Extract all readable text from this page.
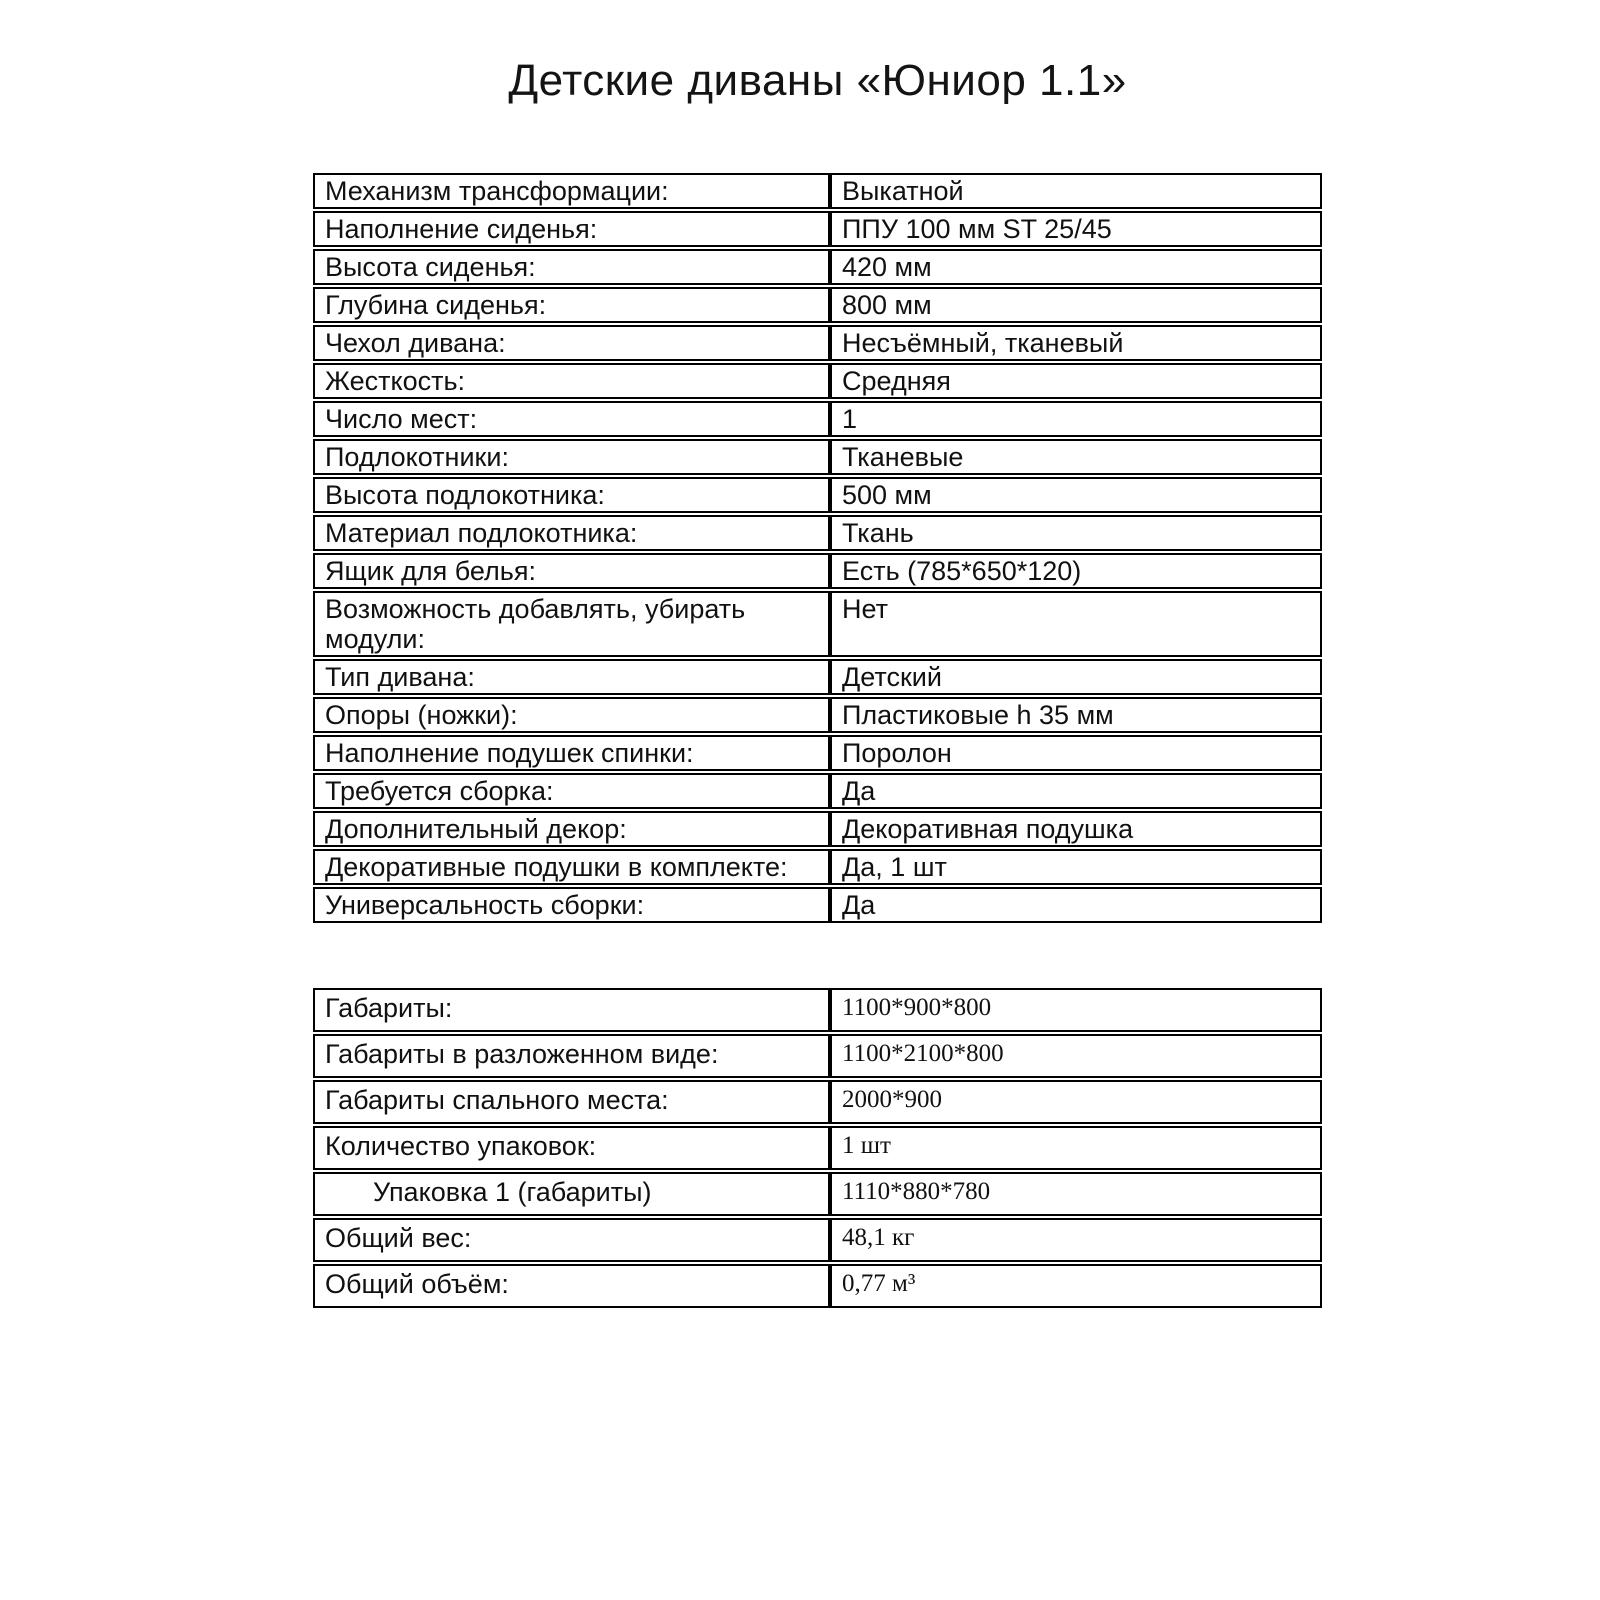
Детские диваны «Юниор 1.1»
Механизм трансформации:	Выкатной
Наполнение сиденья:	ППУ 100 мм ST 25/45
Высота сиденья:	420 мм
Глубина сиденья:	800 мм
Чехол дивана:	Несъёмный, тканевый
Жесткость:	Средняя
Число мест:	1
Подлокотники:	Тканевые
Высота подлокотника:	500 мм
Материал подлокотника:	Ткань
Ящик для белья:	Есть (785*650*120)
Возможность добавлять, убирать модули:	Нет
Тип дивана:	Детский
Опоры (ножки):	Пластиковые h 35 мм
Наполнение подушек спинки:	Поролон
Требуется сборка:	Да
Дополнительный декор:	Декоративная подушка
Декоративные подушки в комплекте:	Да, 1 шт
Универсальность сборки:	Да
Габариты:	1100*900*800
Габариты в разложенном виде:	1100*2100*800
Габариты спального места:	2000*900
Количество упаковок:	1 шт
Упаковка 1 (габариты)	1110*880*780
Общий вес:	48,1 кг
Общий объём:	0,77 м³
